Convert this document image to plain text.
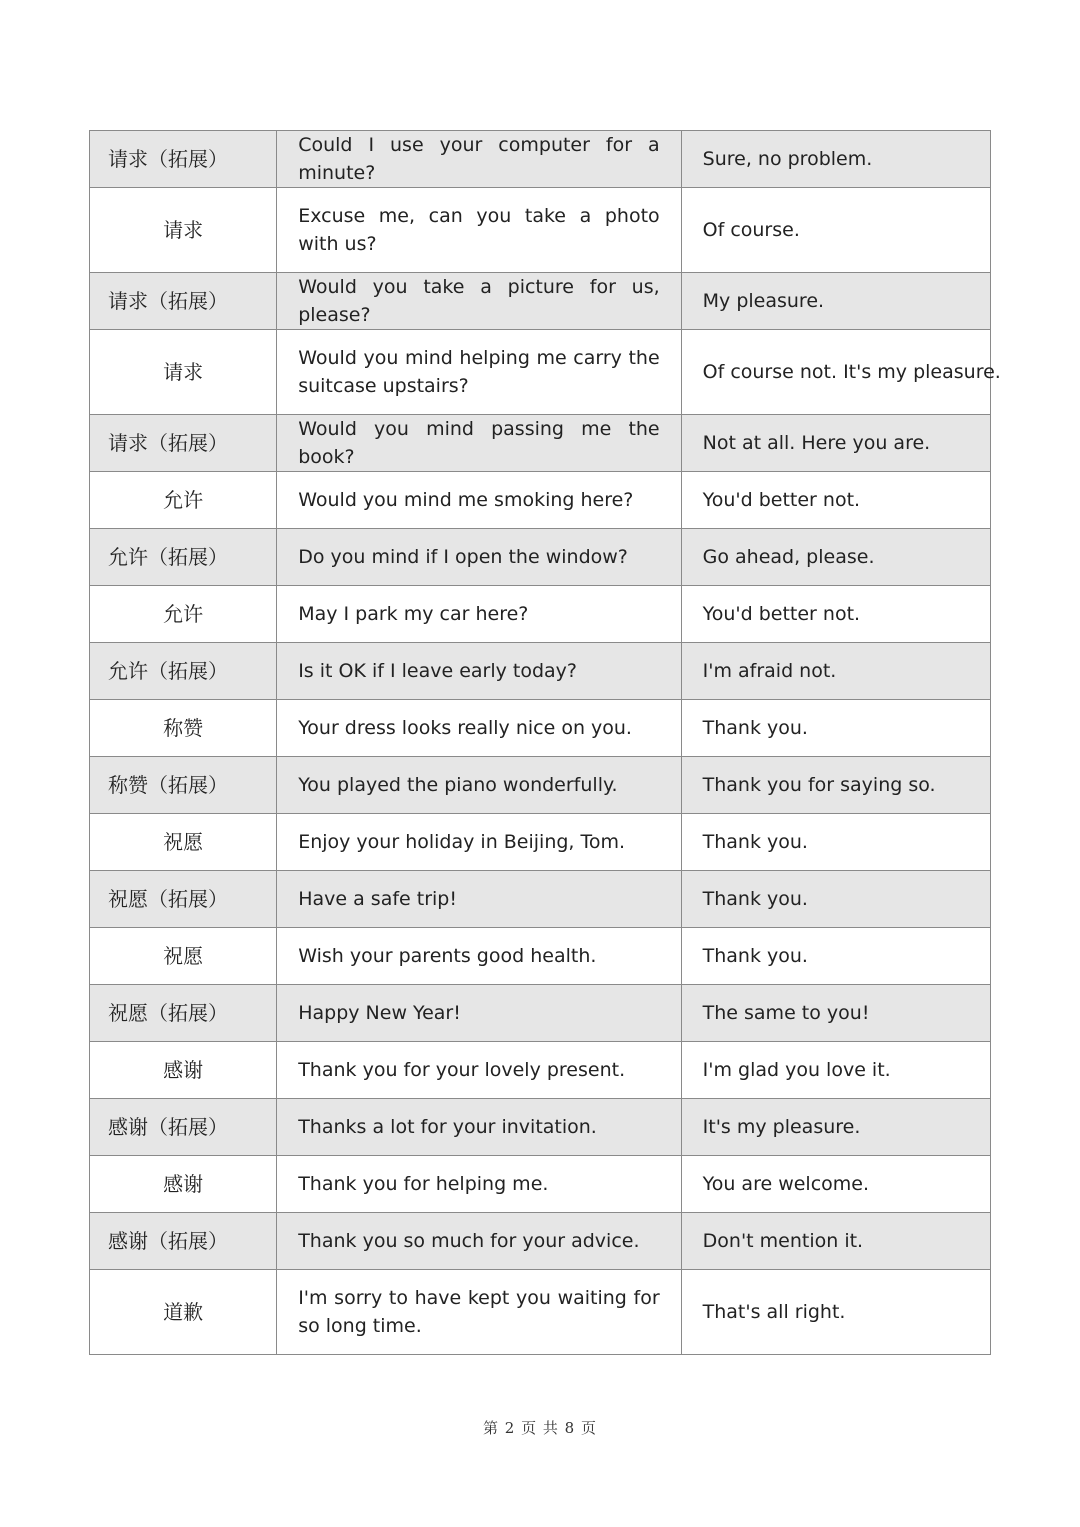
请求（拓展）	Could I use your computer for a minute?	Sure, no problem.
请求	Excuse me, can you take a photo with us?	Of course.
请求（拓展）	Would you take a picture for us, please?	My pleasure.
请求	Would you mind helping me carry the suitcase upstairs?	Of course not. It's my pleasure.
请求（拓展）	Would you mind passing me the book?	Not at all. Here you are.
允许	Would you mind me smoking here?	You'd better not.
允许（拓展）	Do you mind if I open the window?	Go ahead, please.
允许	May I park my car here?	You'd better not.
允许（拓展）	Is it OK if I leave early today?	I'm afraid not.
称赞	Your dress looks really nice on you.	Thank you.
称赞（拓展）	You played the piano wonderfully.	Thank you for saying so.
祝愿	Enjoy your holiday in Beijing, Tom.	Thank you.
祝愿（拓展）	Have a safe trip!	Thank you.
祝愿	Wish your parents good health.	Thank you.
祝愿（拓展）	Happy New Year!	The same to you!
感谢	Thank you for your lovely present.	I'm glad you love it.
感谢（拓展）	Thanks a lot for your invitation.	It's my pleasure.
感谢	Thank you for helping me.	You are welcome.
感谢（拓展）	Thank you so much for your advice.	Don't mention it.
道歉	I'm sorry to have kept you waiting for so long time.	That's all right.
第 2 页 共 8 页
